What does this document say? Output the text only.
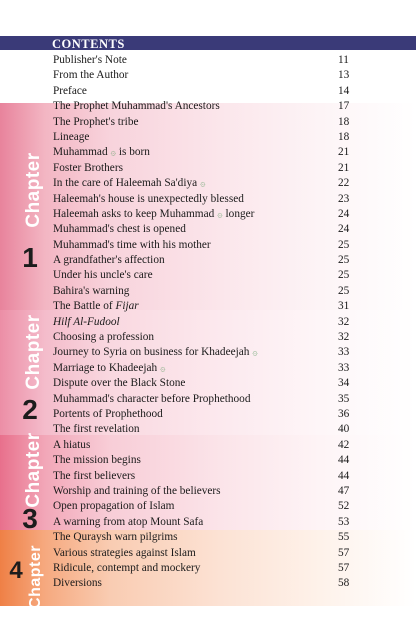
CONTENTS
Chapter
1
Chapter
2
Chapter
3
4 Chapter
Publisher's Note	11
From the Author	13
Preface	14
The Prophet Muhammad's Ancestors	17
The Prophet's tribe	18
Lineage	18
Muhammad ۞ is born	21
Foster Brothers	21
In the care of Haleemah Sa'diya ۞	22
Haleemah's house is unexpectedly blessed	23
Haleemah asks to keep Muhammad ۞ longer	24
Muhammad's chest is opened	24
Muhammad's time with his mother	25
A grandfather's affection	25
Under his uncle's care	25
Bahira's warning	25
The Battle of Fijar	31
Hilf Al-Fudool	32
Choosing a profession	32
Journey to Syria on business for Khadeejah ۞	33
Marriage to Khadeejah ۞	33
Dispute over the Black Stone	34
Muhammad's character before Prophethood	35
Portents of Prophethood	36
The first revelation	40
A hiatus	42
The mission begins	44
The first believers	44
Worship and training of the believers	47
Open propagation of Islam	52
A warning from atop Mount Safa	53
The Quraysh warn pilgrims	55
Various strategies against Islam	57
Ridicule, contempt and mockery	57
Diversions	58
